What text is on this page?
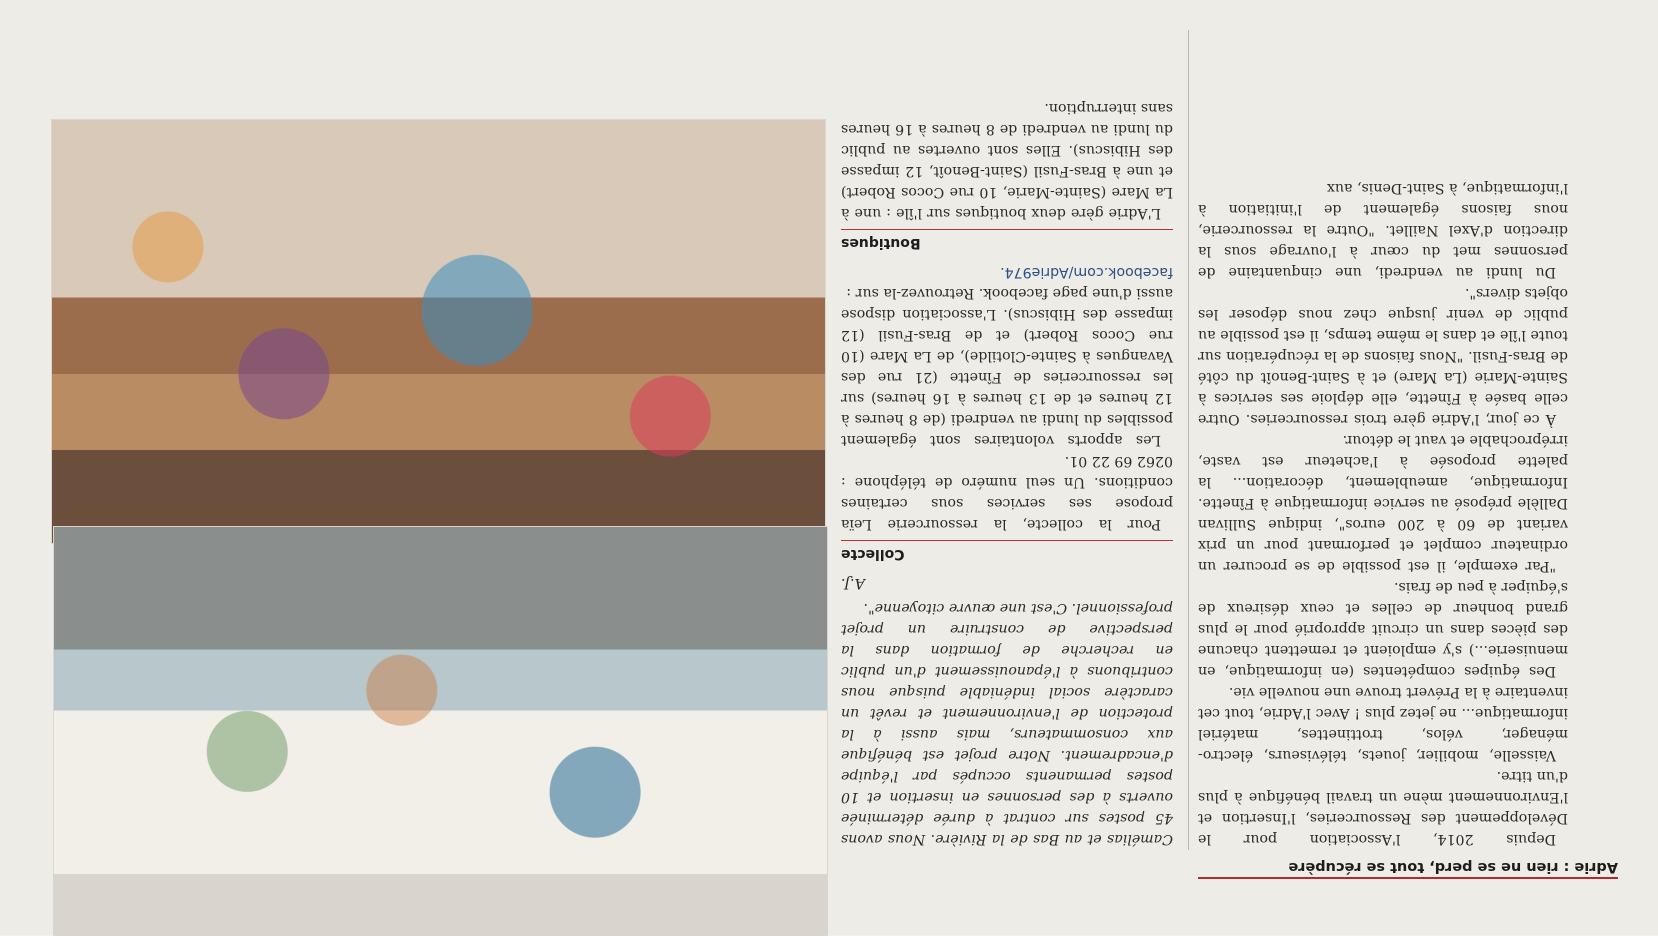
Adrie : rien ne se perd, tout se récupère

Depuis 2014, l'Association pour le Développement des Ressourceries, l'Insertion et l'Environnement mène un travail bénéfique à plus d'un titre.

Vaisselle, mobilier, jouets, téléviseurs, électro-ménager, vélos, trottinettes, matériel informatique... ne jetez plus ! Avec l'Adrie, tout cet inventaire à la Prévert trouve une nouvelle vie.

Des équipes compétentes (en informatique, en menuiserie...) s'y emploient et remettent chacune des pièces dans un circuit approprié pour le plus grand bonheur de celles et ceux désireux de s'équiper à peu de frais.

"Par exemple, il est possible de se procurer un ordinateur complet et performant pour un prix variant de 60 à 200 euros", indique Sullivan Dallèle préposé au service informatique à Fînette. Informatique, ameublement, décoration... la palette proposée à l'acheteur est vaste, irréprochable et vaut le détour.

À ce jour, l'Adrie gère trois ressourceries. Outre celle basée à Fînette, elle déploie ses services à Sainte-Marie (La Mare) et à Saint-Benoît du côté de Bras-Fusil. "Nous faisons de la récupération sur toute l'île et dans le même temps, il est possible au public de venir jusque chez nous déposer les objets divers".

Du lundi au vendredi, une cinquantaine de personnes met du cœur à l'ouvrage sous la direction d'Axel Naillet. "Outre la ressourcerie, nous faisons également de l'initiation à l'informatique, à Saint-Denis, aux

Camélias et au Bas de la Rivière. Nous avons 45 postes sur contrat à durée déterminée ouverts à des personnes en insertion et 10 postes permanents occupés par l'équipe d'encadrement. Notre projet est bénéfique aux consommateurs, mais aussi à la protection de l'environnement et revêt un caractère social indéniable puisque nous contribuons à l'épanouissement d'un public en recherche de formation dans la perspective de construire un projet professionnel. C'est une œuvre citoyenne".

A.J.
Collecte

Pour la collecte, la ressourcerie Leïa propose ses services sous certaines conditions. Un seul numéro de téléphone : 0262 69 22 01.

Les apports volontaires sont également possibles du lundi au vendredi (de 8 heures à 12 heures et de 13 heures à 16 heures) sur les ressourceries de Fînette (21 rue des Vavangues à Sainte-Clotilde), de La Mare (10 rue Cocos Robert) et de Bras-Fusil (12 impasse des Hibiscus). L'association dispose aussi d'une page facebook. Retrouvez-la sur :

facebook.com/Adrie974.

Boutiques

L'Adrie gère deux boutiques sur l'île : une à La Mare (Sainte-Marie, 10 rue Cocos Robert) et une à Bras-Fusil (Saint-Benoît, 12 impasse des Hibiscus). Elles sont ouvertes au public du lundi au vendredi de 8 heures à 16 heures sans interruption.
